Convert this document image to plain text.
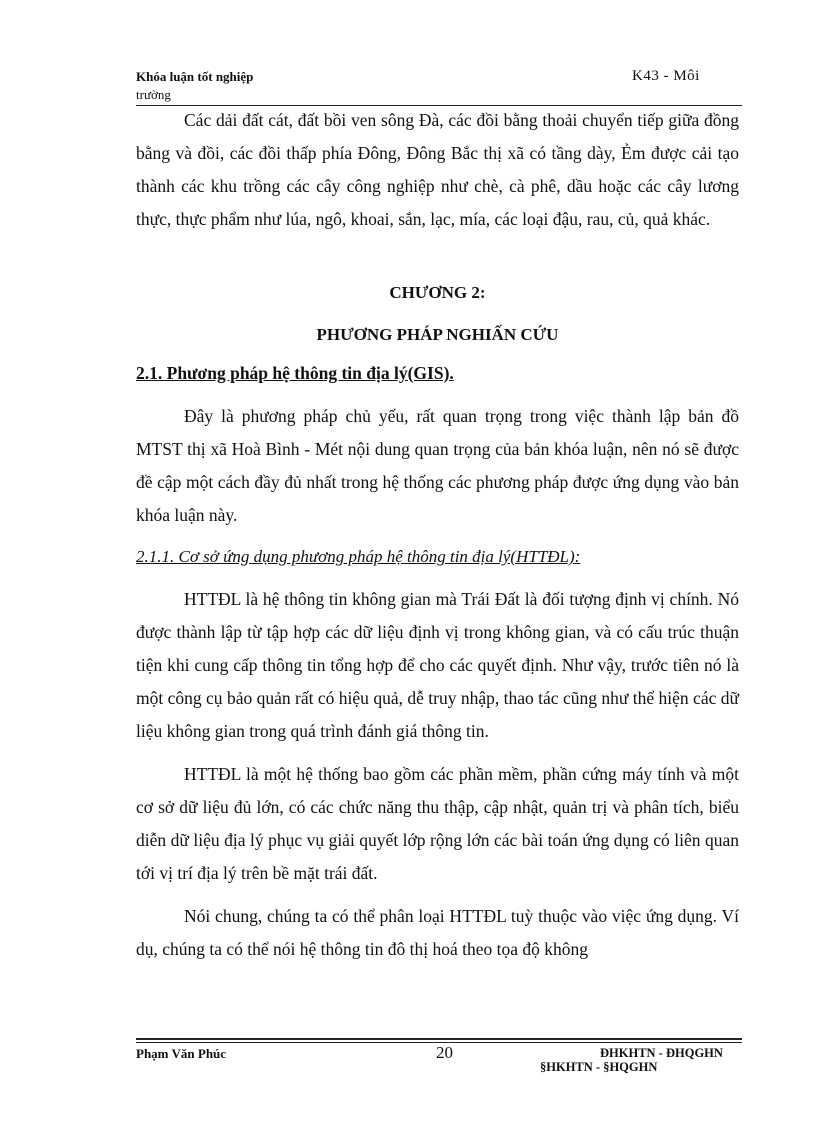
Khóa luận tốt nghiệp
trường
K43 - Môi

Các dải đất cát, đất bồi ven sông Đà, các đồi bằng thoải chuyển tiếp giữa đồng bằng và đồi, các đồi thấp phía Đông, Đông Bắc thị xã có tầng dày, Ẻm được cải tạo thành các khu trồng các cây công nghiệp như chè, cà phê, dầu hoặc các cây lương thực, thực phẩm như lúa, ngô, khoai, sắn, lạc, mía, các loại đậu, rau, củ, quả khác.

CHƯƠNG 2:

PHƯƠNG PHÁP NGHIẤN CỨU

2.1. Phương pháp hệ thông tin địa lý(GIS).

Đây là phương pháp chủ yếu, rất quan trọng trong việc thành lập bản đồ MTST thị xã Hoà Bình - Mét nội dung quan trọng của bản khóa luận, nên nó sẽ được đề cập một cách đầy đủ nhất trong hệ thống các phương pháp được ứng dụng vào bản khóa luận này.

2.1.1. Cơ sở ứng dụng phương pháp hệ thông tin địa lý(HTTĐL):

HTTĐL là hệ thông tin không gian mà Trái Đất là đối tượng định vị chính. Nó được thành lập từ tập hợp các dữ liệu định vị trong không gian, và có cấu trúc thuận tiện khi cung cấp thông tin tổng hợp để cho các quyết định. Như vậy, trước tiên nó là một công cụ bảo quản rất có hiệu quả, dễ truy nhập, thao tác cũng như thể hiện các dữ liệu không gian trong quá trình đánh giá thông tin.

HTTĐL là một hệ thống bao gồm các phần mềm, phần cứng máy tính và một cơ sở dữ liệu đủ lớn, có các chức năng thu thập, cập nhật, quản trị và phân tích, biểu diễn dữ liệu địa lý phục vụ giải quyết lớp rộng lớn các bài toán ứng dụng có liên quan tới vị trí địa lý trên bề mặt trái đất.

Nói chung, chúng ta có thể phân loại HTTĐL tuỳ thuộc vào việc ứng dụng. Ví dụ, chúng ta có thể nói hệ thông tin đô thị hoá theo tọa độ không

Phạm Văn Phúc	20	ĐHKHTN - ĐHQGHN
§HKHTN - §HQGHN
